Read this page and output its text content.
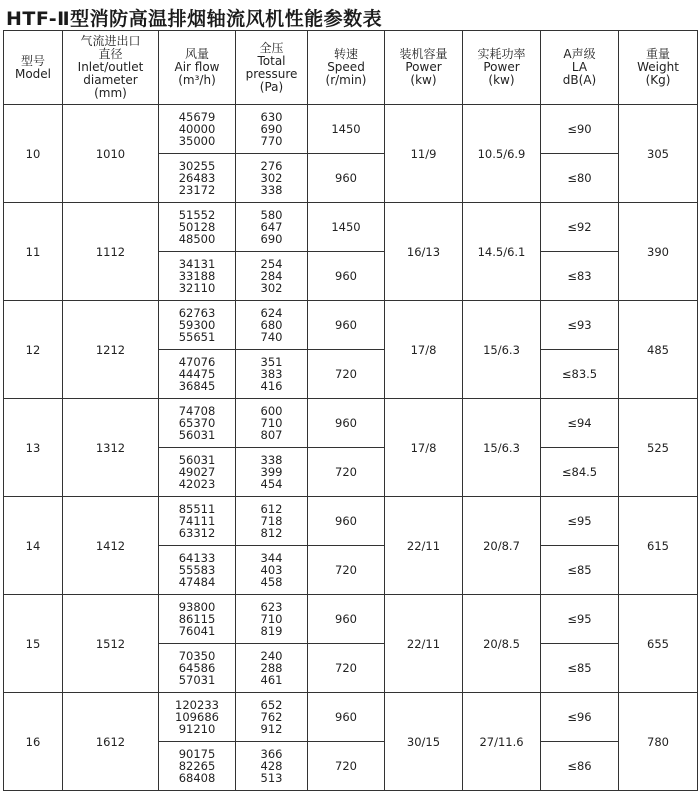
HTF-Ⅱ型消防高温排烟轴流风机性能参数表
型号
Model	气流进出口
直径
Inlet/outlet
diameter
(mm)	风量
Air flow
(m³/h)	全压
Total
pressure
(Pa)	转速
Speed
(r/min)	装机容量
Power
(kw)	实耗功率
Power
(kw)	A声级
LA
dB(A)	重量
Weight
(Kg)

10	1010	45679
40000
35000	630
690
770	1450	11/9	10.5/6.9	≤90	305

		30255
26483
23172	276
302
338	960			≤80	
11	1112	51552
50128
48500	580
647
690	1450	16/13	14.5/6.1	≤92	390

		34131
33188
32110	254
284
302	960			≤83	
12	1212	62763
59300
55651	624
680
740	960	17/8	15/6.3	≤93	485

		47076
44475
36845	351
383
416	720			≤83.5	
13	1312	74708
65370
56031	600
710
807	960	17/8	15/6.3	≤94	525

		56031
49027
42023	338
399
454	720			≤84.5	
14	1412	85511
74111
63312	612
718
812	960	22/11	20/8.7	≤95	615

		64133
55583
47484	344
403
458	720			≤85	
15	1512	93800
86115
76041	623
710
819	960	22/11	20/8.5	≤95	655

		70350
64586
57031	240
288
461	720			≤85	
16	1612	120233
109686
91210	652
762
912	960	30/15	27/11.6	≤96	780

		90175
82265
68408	366
428
513	720			≤86	
